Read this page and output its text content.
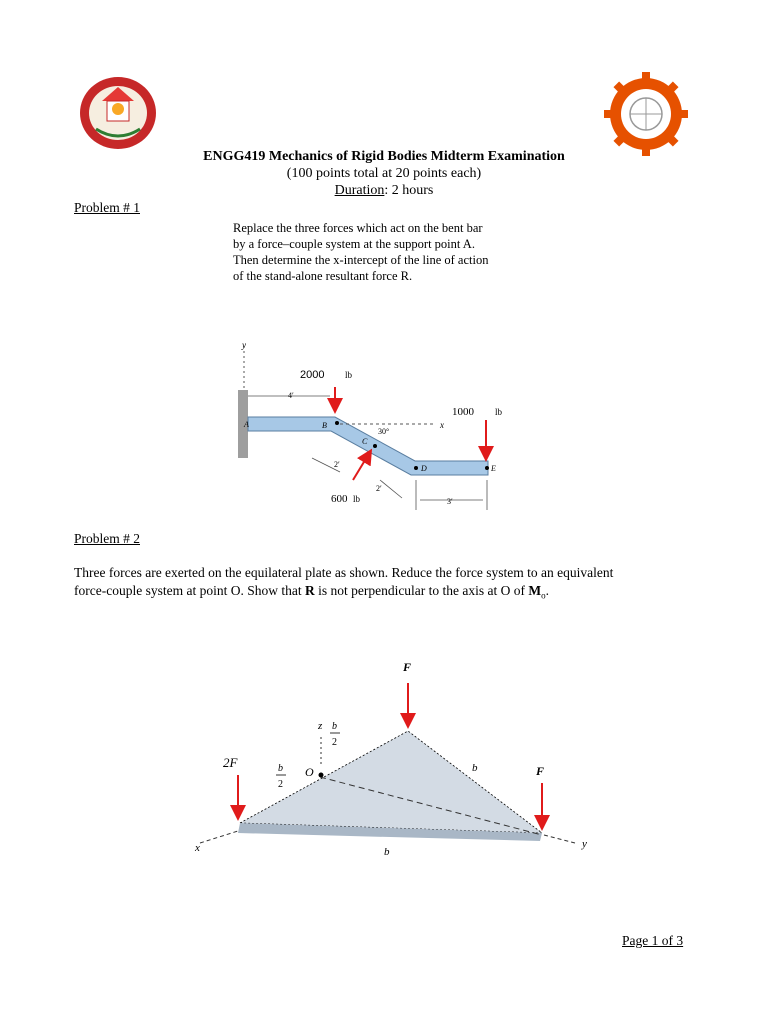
ENGG419 Mechanics of Rigid Bodies Midterm Examination
(100 points total at 20 points each)
Duration: 2 hours
Problem # 1
Replace the three forces which act on the bent bar
by a force–couple system at the support point A.
Then determine the x-intercept of the line of action
of the stand-alone resultant force R.
y
x
4′
A	B
C
D	E
30°
2000 lb
1000 lb
600 lb
2′
2′
3′
Problem # 2
Three forces are exerted on the equilateral plate as shown. Reduce the force system to an equivalent
force-couple system at point O. Show that R is not perpendicular to the axis at O of $M_o$.
F
2F
F
z
O
x	y
b
b
b
2
b
2
Page 1 of 3
